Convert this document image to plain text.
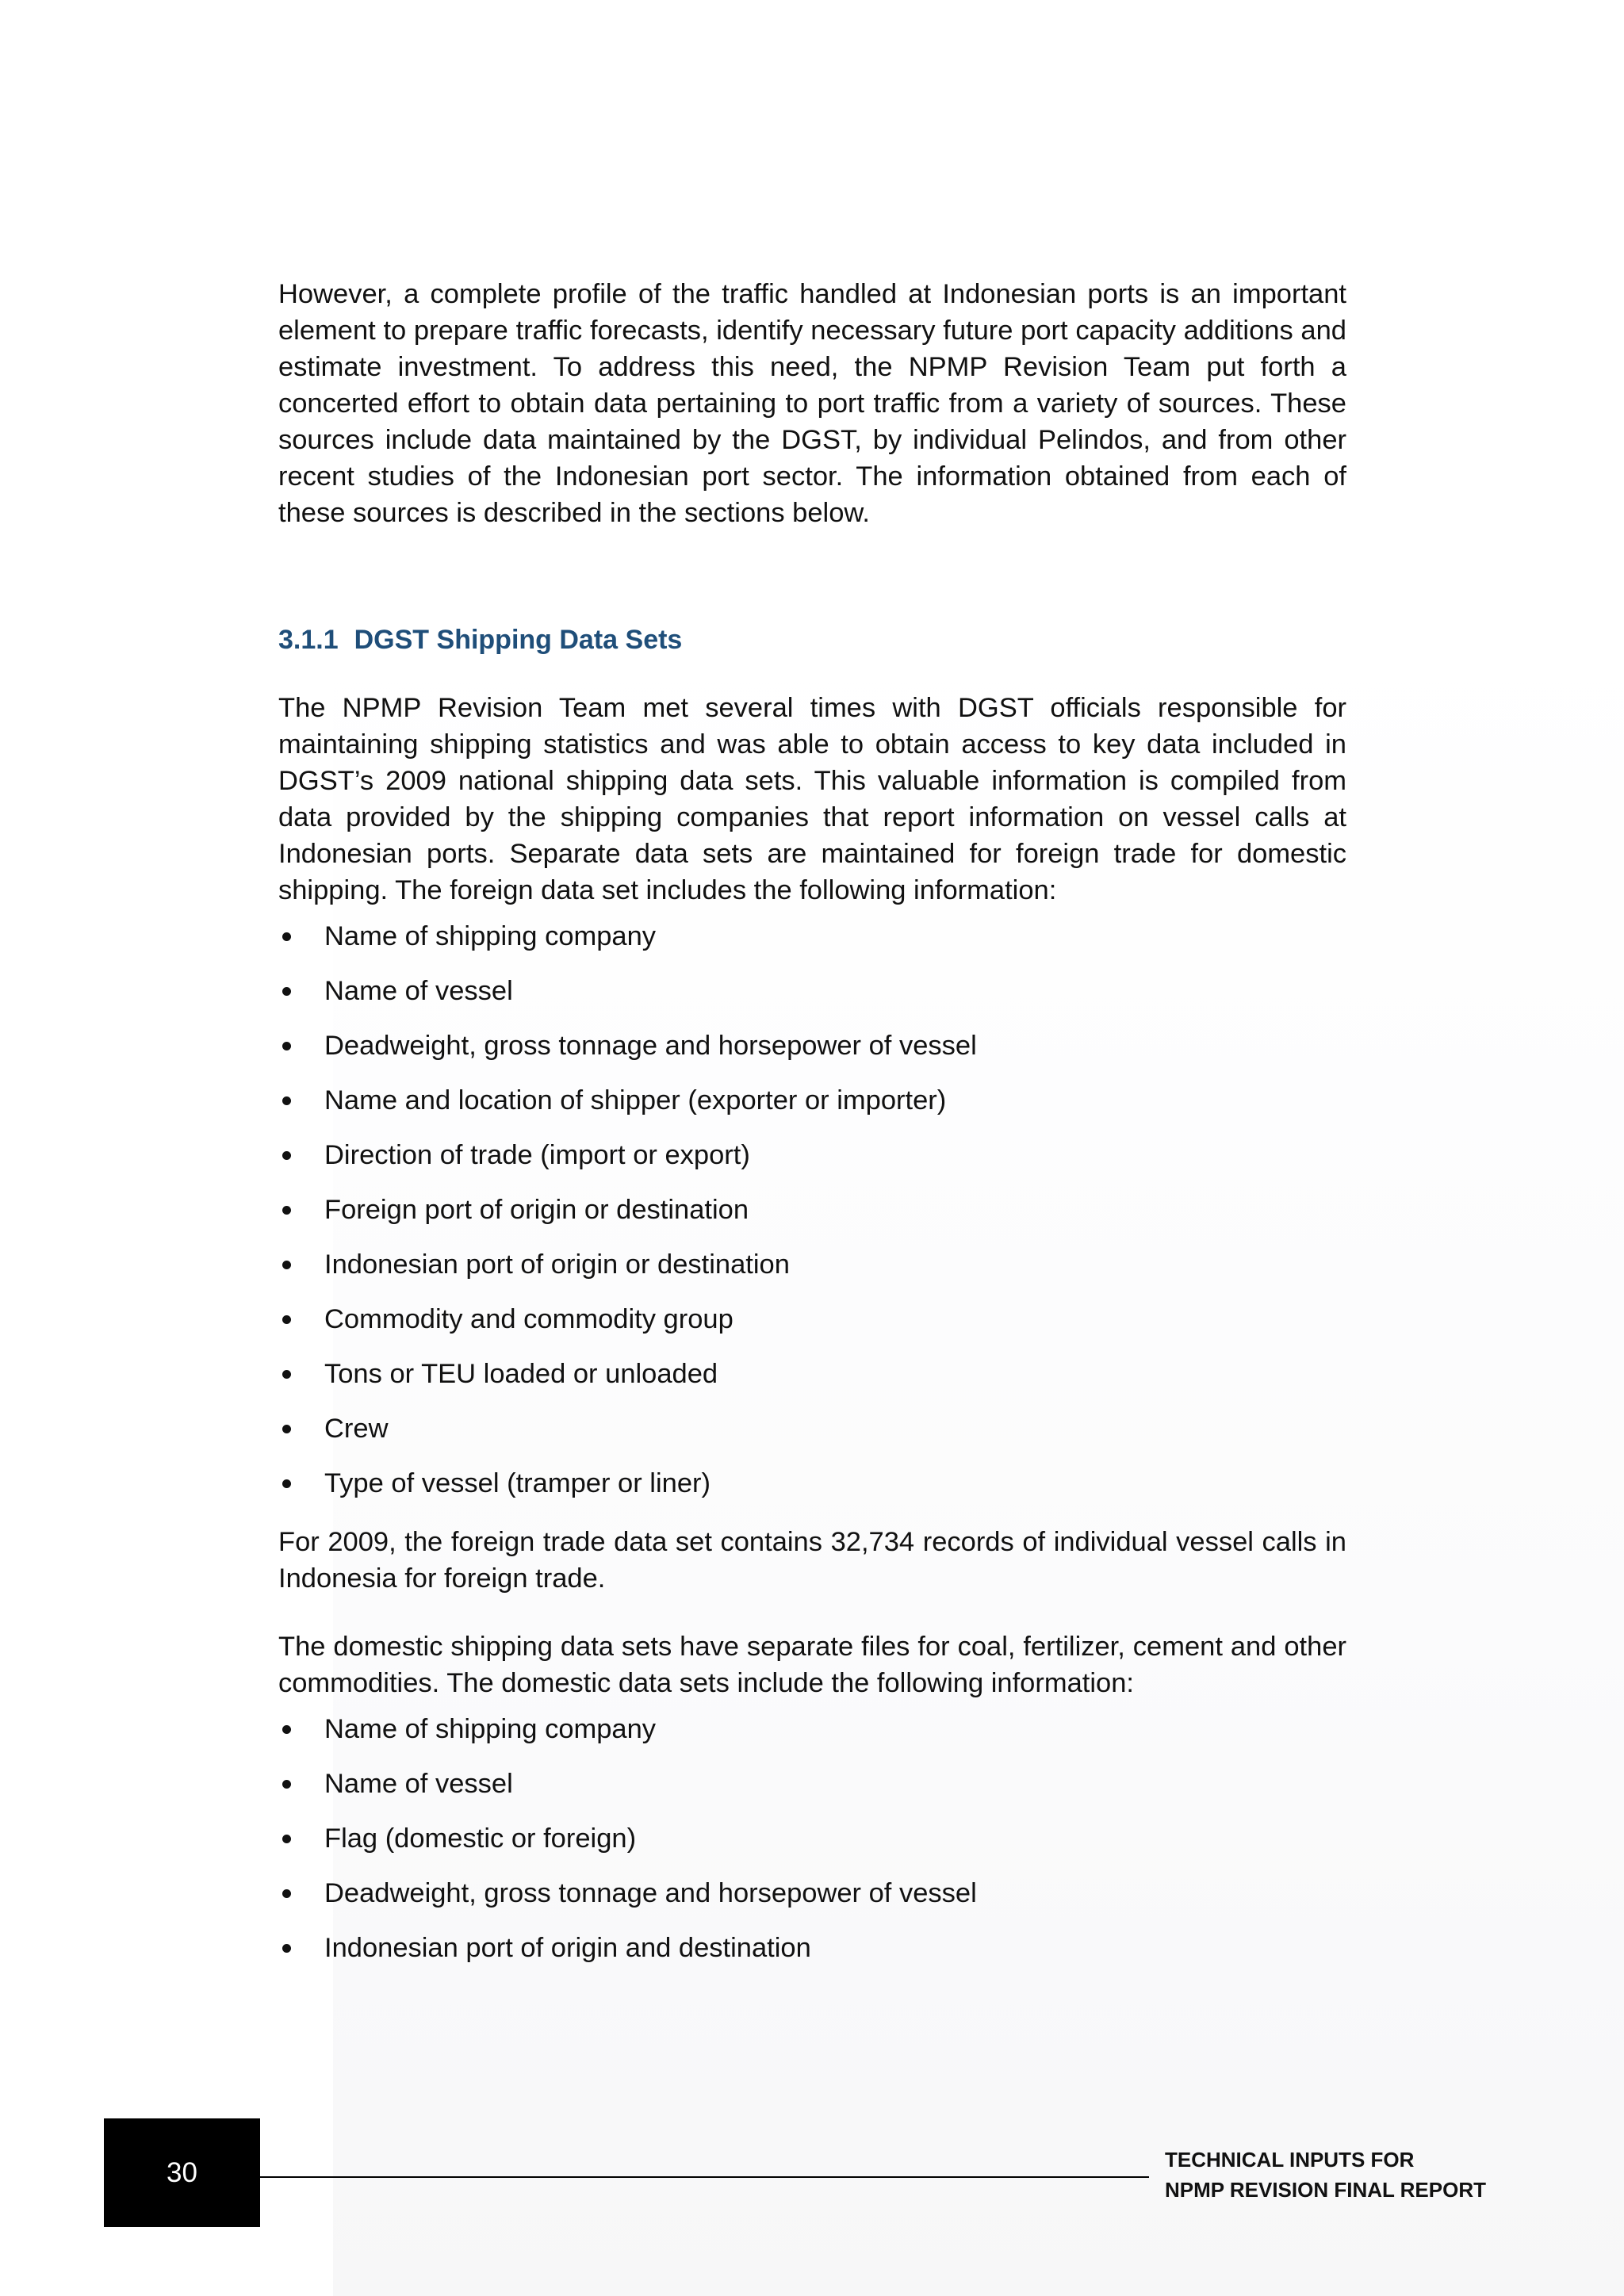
However, a complete profile of the traffic handled at Indonesian ports is an important element to prepare traffic forecasts, identify necessary future port capacity additions and estimate investment. To address this need, the NPMP Revision Team put forth a concerted effort to obtain data pertaining to port traffic from a variety of sources. These sources include data maintained by the DGST, by individual Pelindos, and from other recent studies of the Indonesian port sector. The information obtained from each of these sources is described in the sections below.

3.1.1 DGST Shipping Data Sets

The NPMP Revision Team met several times with DGST officials responsible for maintaining shipping statistics and was able to obtain access to key data included in DGST’s 2009 national shipping data sets. This valuable information is compiled from data provided by the shipping companies that report information on vessel calls at Indonesian ports. Separate data sets are maintained for foreign trade for domestic shipping. The foreign data set includes the following information:

Name of shipping company
Name of vessel
Deadweight, gross tonnage and horsepower of vessel
Name and location of shipper (exporter or importer)
Direction of trade (import or export)
Foreign port of origin or destination
Indonesian port of origin or destination
Commodity and commodity group
Tons or TEU loaded or unloaded
Crew
Type of vessel (tramper or liner)

For 2009, the foreign trade data set contains 32,734 records of individual vessel calls in Indonesia for foreign trade.

The domestic shipping data sets have separate files for coal, fertilizer, cement and other commodities. The domestic data sets include the following information:

Name of shipping company
Name of vessel
Flag (domestic or foreign)
Deadweight, gross tonnage and horsepower of vessel
Indonesian port of origin and destination
30	TECHNICAL INPUTS FOR
NPMP REVISION FINAL REPORT
